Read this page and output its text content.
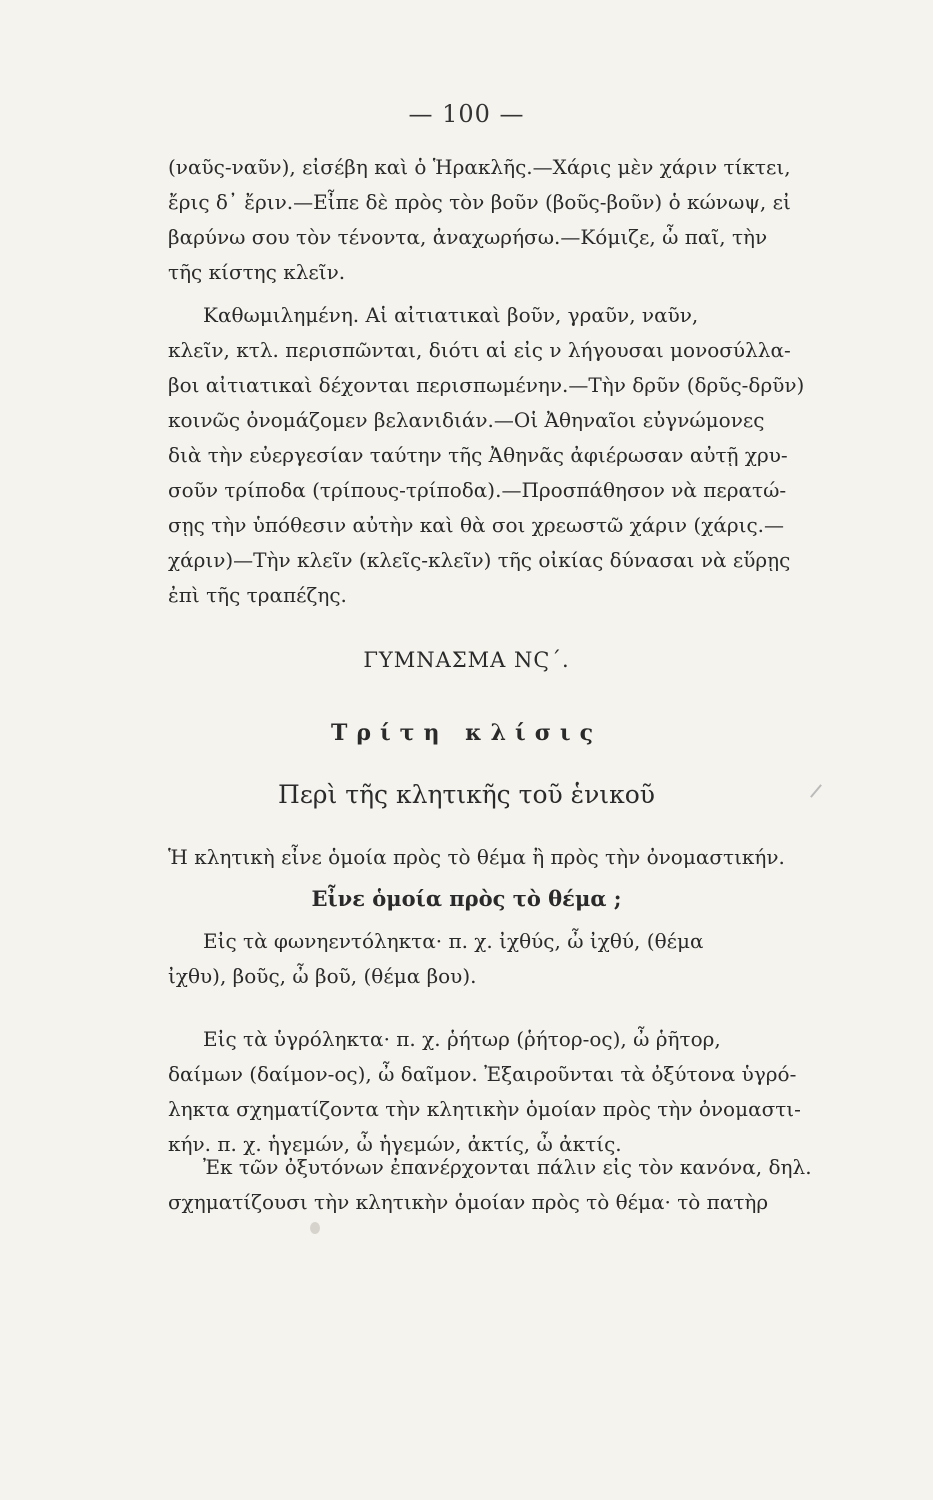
— 100 —

(ναῦς-ναῦν), εἰσέβη καὶ ὁ Ἡρακλῆς.—Χάρις μὲν χάριν τίκτει,

ἔρις δ᾽ ἔριν.—Εἶπε δὲ πρὸς τὸν βοῦν (βοῦς-βοῦν) ὁ κώνωψ, εἰ

βαρύνω σου τὸν τένοντα, ἀναχωρήσω.—Κόμιζε, ὦ παῖ, τὴν

τῆς κίστης κλεῖν.

Καθωμιλημένη. Αἱ αἰτιατικαὶ βοῦν, γραῦν, ναῦν,

κλεῖν, κτλ. περισπῶνται, διότι αἱ εἰς ν λήγουσαι μονοσύλλα-

βοι αἰτιατικαὶ δέχονται περισπωμένην.—Τὴν δρῦν (δρῦς-δρῦν)

κοινῶς ὀνομάζομεν βελανιδιάν.—Οἱ Ἀθηναῖοι εὐγνώμονες

διὰ τὴν εὐεργεσίαν ταύτην τῆς Ἀθηνᾶς ἀφιέρωσαν αὐτῇ χρυ-

σοῦν τρίποδα (τρίπους-τρίποδα).—Προσπάθησον νὰ περατώ-

σῃς τὴν ὑπόθεσιν αὐτὴν καὶ θὰ σοι χρεωστῶ χάριν (χάρις.—

χάριν)—Τὴν κλεῖν (κλεῖς-κλεῖν) τῆς οἰκίας δύνασαι νὰ εὕρῃς

ἐπὶ τῆς τραπέζης.

ΓΥΜΝΑΣΜΑ ΝϚ΄.
Τρίτη κλίσις
Περὶ τῆς κλητικῆς τοῦ ἑνικοῦ

Ἡ κλητικὴ εἶνε ὁμοία πρὸς τὸ θέμα ἢ πρὸς τὴν ὀνομαστικήν.

Εἶνε ὁμοία πρὸς τὸ θέμα ;

Εἰς τὰ φωνηεντόληκτα· π. χ. ἰχθύς, ὦ ἰχθύ, (θέμα

ἰχθυ), βοῦς, ὦ βοῦ, (θέμα βου).

Εἰς τὰ ὑγρόληκτα· π. χ. ῥήτωρ (ῥήτορ-ος), ὦ ῥῆτορ,

δαίμων (δαίμον-ος), ὦ δαῖμον. Ἐξαιροῦνται τὰ ὀξύτονα ὑγρό-

ληκτα σχηματίζοντα τὴν κλητικὴν ὁμοίαν πρὸς τὴν ὀνομαστι-

κήν. π. χ. ἡγεμών, ὦ ἡγεμών, ἀκτίς, ὦ ἀκτίς.

Ἐκ τῶν ὀξυτόνων ἐπανέρχονται πάλιν εἰς τὸν κανόνα, δηλ.

σχηματίζουσι τὴν κλητικὴν ὁμοίαν πρὸς τὸ θέμα· τὸ πατὴρ
